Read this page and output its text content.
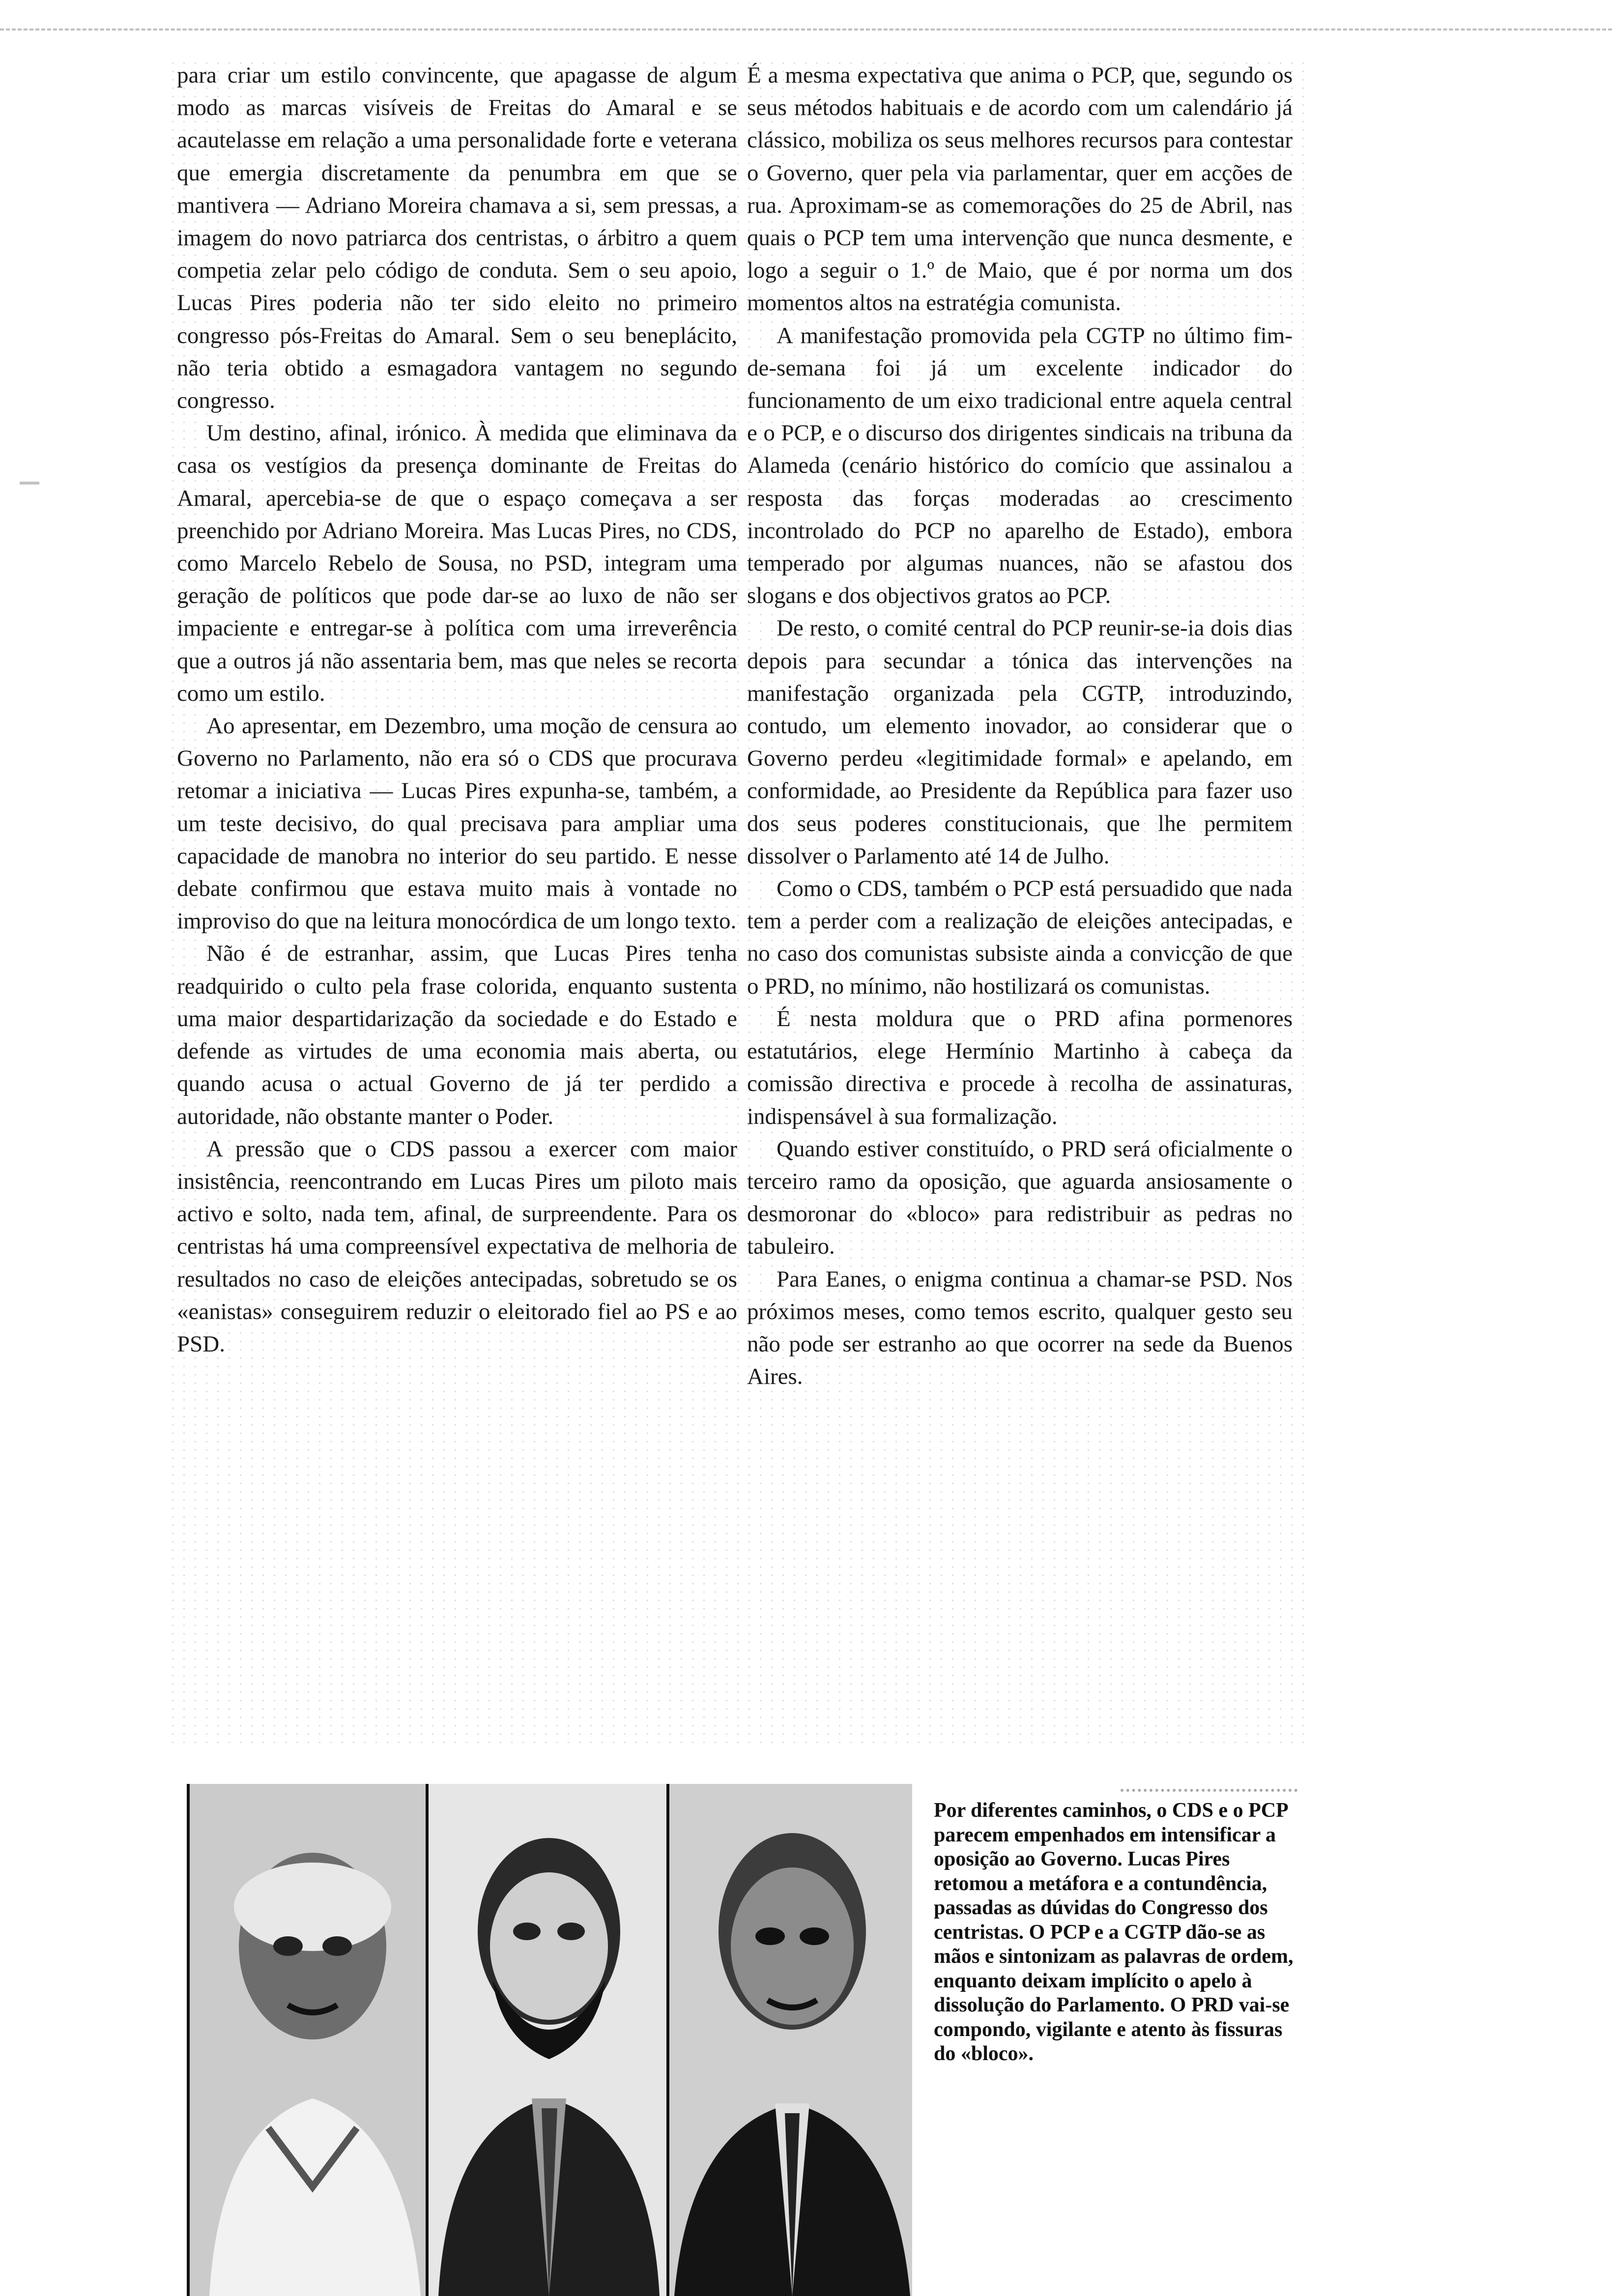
para criar um estilo convincente, que apagasse de algum modo as marcas visíveis de Freitas do Amaral e se acautelasse em relação a uma personalidade forte e veterana que emergia discretamente da penumbra em que se mantivera — Adriano Moreira chamava a si, sem pressas, a imagem do novo patriarca dos centristas, o árbitro a quem competia zelar pelo código de conduta. Sem o seu apoio, Lucas Pires poderia não ter sido eleito no primeiro congresso pós-Freitas do Amaral. Sem o seu beneplácito, não teria obtido a esmagadora vantagem no segundo congresso.

Um destino, afinal, irónico. À medida que eliminava da casa os vestígios da presença dominante de Freitas do Amaral, apercebia-se de que o espaço começava a ser preenchido por Adriano Moreira. Mas Lucas Pires, no CDS, como Marcelo Rebelo de Sousa, no PSD, integram uma geração de políticos que pode dar-se ao luxo de não ser impaciente e entregar-se à política com uma irreverência que a outros já não assentaria bem, mas que neles se recorta como um estilo.

Ao apresentar, em Dezembro, uma moção de censura ao Governo no Parlamento, não era só o CDS que procurava retomar a iniciativa — Lucas Pires expunha-se, também, a um teste decisivo, do qual precisava para ampliar uma capacidade de manobra no interior do seu partido. E nesse debate confirmou que estava muito mais à vontade no improviso do que na leitura monocórdica de um longo texto.

Não é de estranhar, assim, que Lucas Pires tenha readquirido o culto pela frase colorida, enquanto sustenta uma maior despartidarização da sociedade e do Estado e defende as virtudes de uma economia mais aberta, ou quando acusa o actual Governo de já ter perdido a autoridade, não obstante manter o Poder.

A pressão que o CDS passou a exercer com maior insistência, reencontrando em Lucas Pires um piloto mais activo e solto, nada tem, afinal, de surpreendente. Para os centristas há uma compreensível expectativa de melhoria de resultados no caso de eleições antecipadas, sobretudo se os «eanistas» conseguirem reduzir o eleitorado fiel ao PS e ao PSD.

É a mesma expectativa que anima o PCP, que, segundo os seus métodos habituais e de acordo com um calendário já clássico, mobiliza os seus melhores recursos para contestar o Governo, quer pela via parlamentar, quer em acções de rua. Aproximam-se as comemorações do 25 de Abril, nas quais o PCP tem uma intervenção que nunca desmente, e logo a seguir o 1.º de Maio, que é por norma um dos momentos altos na estratégia comunista.

A manifestação promovida pela CGTP no último fim-de-semana foi já um excelente indicador do funcionamento de um eixo tradicional entre aquela central e o PCP, e o discurso dos dirigentes sindicais na tribuna da Alameda (cenário histórico do comício que assinalou a resposta das forças moderadas ao crescimento incontrolado do PCP no aparelho de Estado), embora temperado por algumas nuances, não se afastou dos slogans e dos objectivos gratos ao PCP.

De resto, o comité central do PCP reunir-se-ia dois dias depois para secundar a tónica das intervenções na manifestação organizada pela CGTP, introduzindo, contudo, um elemento inovador, ao considerar que o Governo perdeu «legitimidade formal» e apelando, em conformidade, ao Presidente da República para fazer uso dos seus poderes constitucionais, que lhe permitem dissolver o Parlamento até 14 de Julho.

Como o CDS, também o PCP está persuadido que nada tem a perder com a realização de eleições antecipadas, e no caso dos comunistas subsiste ainda a convicção de que o PRD, no mínimo, não hostilizará os comunistas.

É nesta moldura que o PRD afina pormenores estatutários, elege Hermínio Martinho à cabeça da comissão directiva e procede à recolha de assinaturas, indispensável à sua formalização.

Quando estiver constituído, o PRD será oficialmente o terceiro ramo da oposição, que aguarda ansiosamente o desmoronar do «bloco» para redistribuir as pedras no tabuleiro.

Para Eanes, o enigma continua a chamar-se PSD. Nos próximos meses, como temos escrito, qualquer gesto seu não pode ser estranho ao que ocorrer na sede da Buenos Aires.

Por diferentes caminhos, o CDS e o PCP parecem empenhados em intensificar a oposição ao Governo. Lucas Pires retomou a metáfora e a contundência, passadas as dúvidas do Congresso dos centristas. O PCP e a CGTP dão-se as mãos e sintonizam as palavras de ordem, enquanto deixam implícito o apelo à dissolução do Parlamento. O PRD vai-se compondo, vigilante e atento às fissuras do «bloco».
